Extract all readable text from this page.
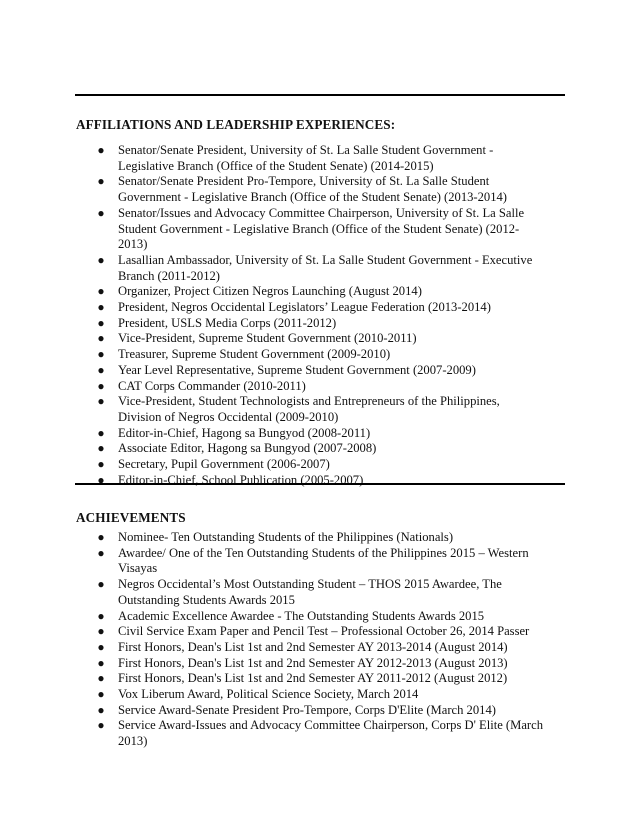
AFFILIATIONS AND LEADERSHIP EXPERIENCES:
● Senator/Senate President, University of St. La Salle Student Government - Legislative Branch (Office of the Student Senate) (2014-2015)
● Senator/Senate President Pro-Tempore, University of St. La Salle Student Government - Legislative Branch (Office of the Student Senate) (2013-2014)
● Senator/Issues and Advocacy Committee Chairperson, University of St. La Salle Student Government - Legislative Branch (Office of the Student Senate) (2012-2013)
● Lasallian Ambassador, University of St. La Salle Student Government - Executive Branch (2011-2012)
● Organizer, Project Citizen Negros Launching (August 2014)
● President, Negros Occidental Legislators’ League Federation (2013-2014)
● President, USLS Media Corps (2011-2012)
● Vice-President, Supreme Student Government (2010-2011)
● Treasurer, Supreme Student Government (2009-2010)
● Year Level Representative, Supreme Student Government (2007-2009)
● CAT Corps Commander (2010-2011)
● Vice-President, Student Technologists and Entrepreneurs of the Philippines, Division of Negros Occidental (2009-2010)
● Editor-in-Chief, Hagong sa Bungyod (2008-2011)
● Associate Editor, Hagong sa Bungyod (2007-2008)
● Secretary, Pupil Government (2006-2007)
● Editor-in-Chief, School Publication (2005-2007)
ACHIEVEMENTS
● Nominee- Ten Outstanding Students of the Philippines (Nationals)
● Awardee/ One of the Ten Outstanding Students of the Philippines 2015 – Western Visayas
● Negros Occidental’s Most Outstanding Student – THOS 2015 Awardee, The Outstanding Students Awards 2015
● Academic Excellence Awardee - The Outstanding Students Awards 2015
● Civil Service Exam Paper and Pencil Test – Professional October 26, 2014 Passer
● First Honors, Dean's List 1st and 2nd Semester AY 2013-2014 (August 2014)
● First Honors, Dean's List 1st and 2nd Semester AY 2012-2013 (August 2013)
● First Honors, Dean's List 1st and 2nd Semester AY 2011-2012 (August 2012)
● Vox Liberum Award, Political Science Society, March 2014
● Service Award-Senate President Pro-Tempore, Corps D'Elite (March 2014)
● Service Award-Issues and Advocacy Committee Chairperson, Corps D' Elite (March 2013)
